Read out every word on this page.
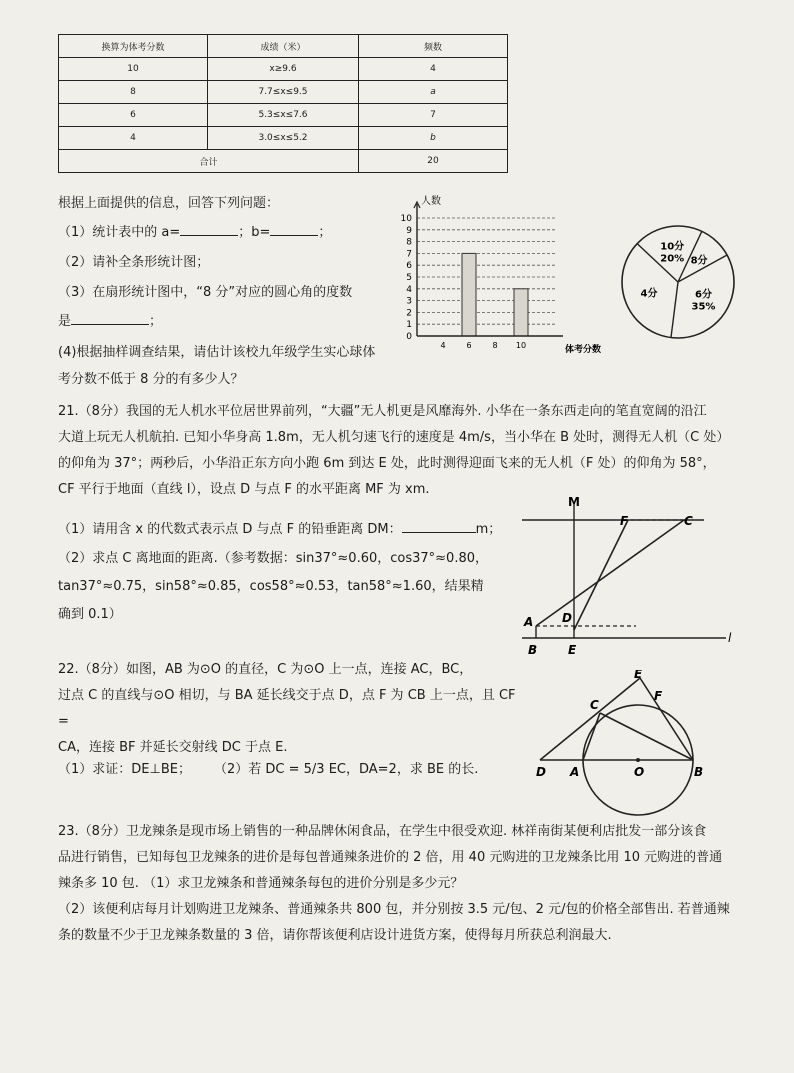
换算为体考分数	成绩（米）	频数
10	x≥9.6	4
8	7.7≤x≤9.5	a
6	5.3≤x≤7.6	7
4	3.0≤x≤5.2	b
合计		20
根据上面提供的信息，回答下列问题：
（1）统计表中的 a=	；b=	；
（2）请补全条形统计图；
（3）在扇形统计图中，“8 分”对应的圆心角的度数
是	；
(4)根据抽样调查结果，请估计该校九年级学生实心球体
考分数不低于 8 分的有多少人？
0
1
2
3
4
5
6
7
8
9
10
4	6	8 10
人数
体考分数
10分
20% 8分
6分
35%
4分
21.（8分）我国的无人机水平位居世界前列，“大疆”无人机更是风靡海外. 小华在一条东西走向的笔直宽阔的沿江
大道上玩无人机航拍. 已知小华身高 1.8m，无人机匀速飞行的速度是 4m/s，当小华在 B 处时，测得无人机（C 处）
的仰角为 37°；两秒后，小华沿正东方向小跑 6m 到达 E 处，此时测得迎面飞来的无人机（F 处）的仰角为 58°，
CF 平行于地面（直线 l），设点 D 与点 F 的水平距离 MF 为 xm.
（1）请用含 x 的代数式表示点 D 与点 F 的铅垂距离 DM：	m；
（2）求点 C 离地面的距离.（参考数据：sin37°≈0.60，cos37°≈0.80，
tan37°≈0.75，sin58°≈0.85，cos58°≈0.53，tan58°≈1.60，结果精
确到 0.1）
M
F	C
A D
B	E
l
22.（8分）如图，AB 为⊙O 的直径，C 为⊙O 上一点，连接 AC，BC，
过点 C 的直线与⊙O 相切，与 BA 延长线交于点 D，点 F 为 CB 上一点，且 CF =
CA，连接 BF 并延长交射线 DC 于点 E.
（1）求证：DE⊥BE； （2）若 DC = 5/3 EC，DA=2，求 BE 的长.
E
F
C
D A	O	B
23.（8分）卫龙辣条是现市场上销售的一种品牌休闲食品，在学生中很受欢迎. 林祥南街某便利店批发一部分该食
品进行销售，已知每包卫龙辣条的进价是每包普通辣条进价的 2 倍，用 40 元购进的卫龙辣条比用 10 元购进的普通
辣条多 10 包. （1）求卫龙辣条和普通辣条每包的进价分别是多少元？
（2）该便利店每月计划购进卫龙辣条、普通辣条共 800 包，并分别按 3.5 元/包、2 元/包的价格全部售出. 若普通辣
条的数量不少于卫龙辣条数量的 3 倍，请你帮该便利店设计进货方案，使得每月所获总利润最大.
